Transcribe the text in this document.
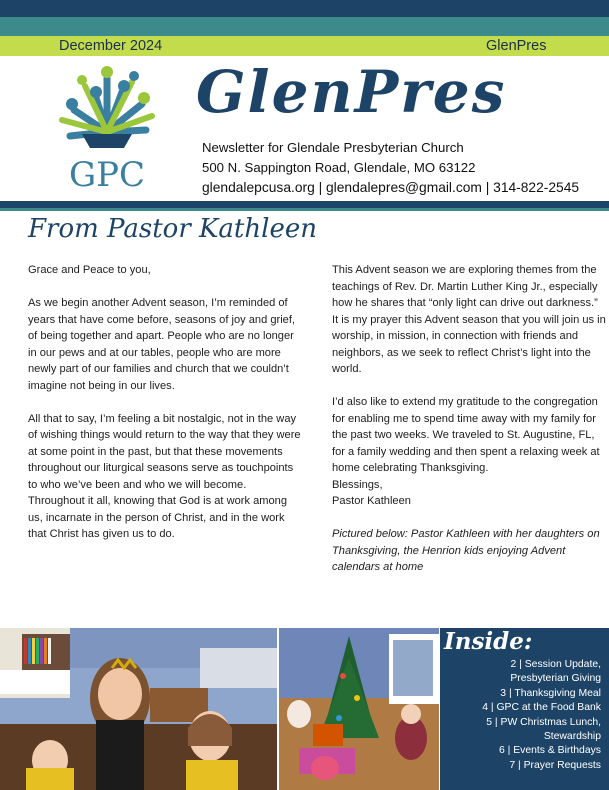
December 2024	GlenPres
GPC
GlenPres
Newsletter for Glendale Presbyterian Church
500 N. Sappington Road, Glendale, MO 63122
glendalepcusa.org | glendalepres@gmail.com | 314-822-2545
From Pastor Kathleen

Grace and Peace to you,

As we begin another Advent season, I’m reminded of years that have come before, seasons of joy and grief, of being together and apart. People who are no longer in our pews and at our tables, people who are more newly part of our families and church that we couldn’t imagine not being in our lives.

All that to say, I’m feeling a bit nostalgic, not in the way of wishing things would return to the way that they were at some point in the past, but that these movements throughout our liturgical seasons serve as touchpoints to who we’ve been and who we will become. Throughout it all, knowing that God is at work among us, incarnate in the person of Christ, and in the work that Christ has given us to do.

This Advent season we are exploring themes from the teachings of Rev. Dr. Martin Luther King Jr., especially how he shares that “only light can drive out darkness.” It is my prayer this Advent season that you will join us in worship, in mission, in connection with friends and neighbors, as we seek to reflect Christ’s light into the world.

I’d also like to extend my gratitude to the congregation for enabling me to spend time away with my family for the past two weeks. We traveled to St. Augustine, FL, for a family wedding and then spent a relaxing week at home celebrating Thanksgiving.

Blessings,

Pastor Kathleen

Pictured below: Pastor Kathleen with her daughters on Thanksgiving, the Henrion kids enjoying Advent calendars at home

Inside:
2 | Session Update,
Presbyterian Giving
3 | Thanksgiving Meal
4 | GPC at the Food Bank
5 | PW Christmas Lunch,
Stewardship
6 | Events & Birthdays
7 | Prayer Requests
